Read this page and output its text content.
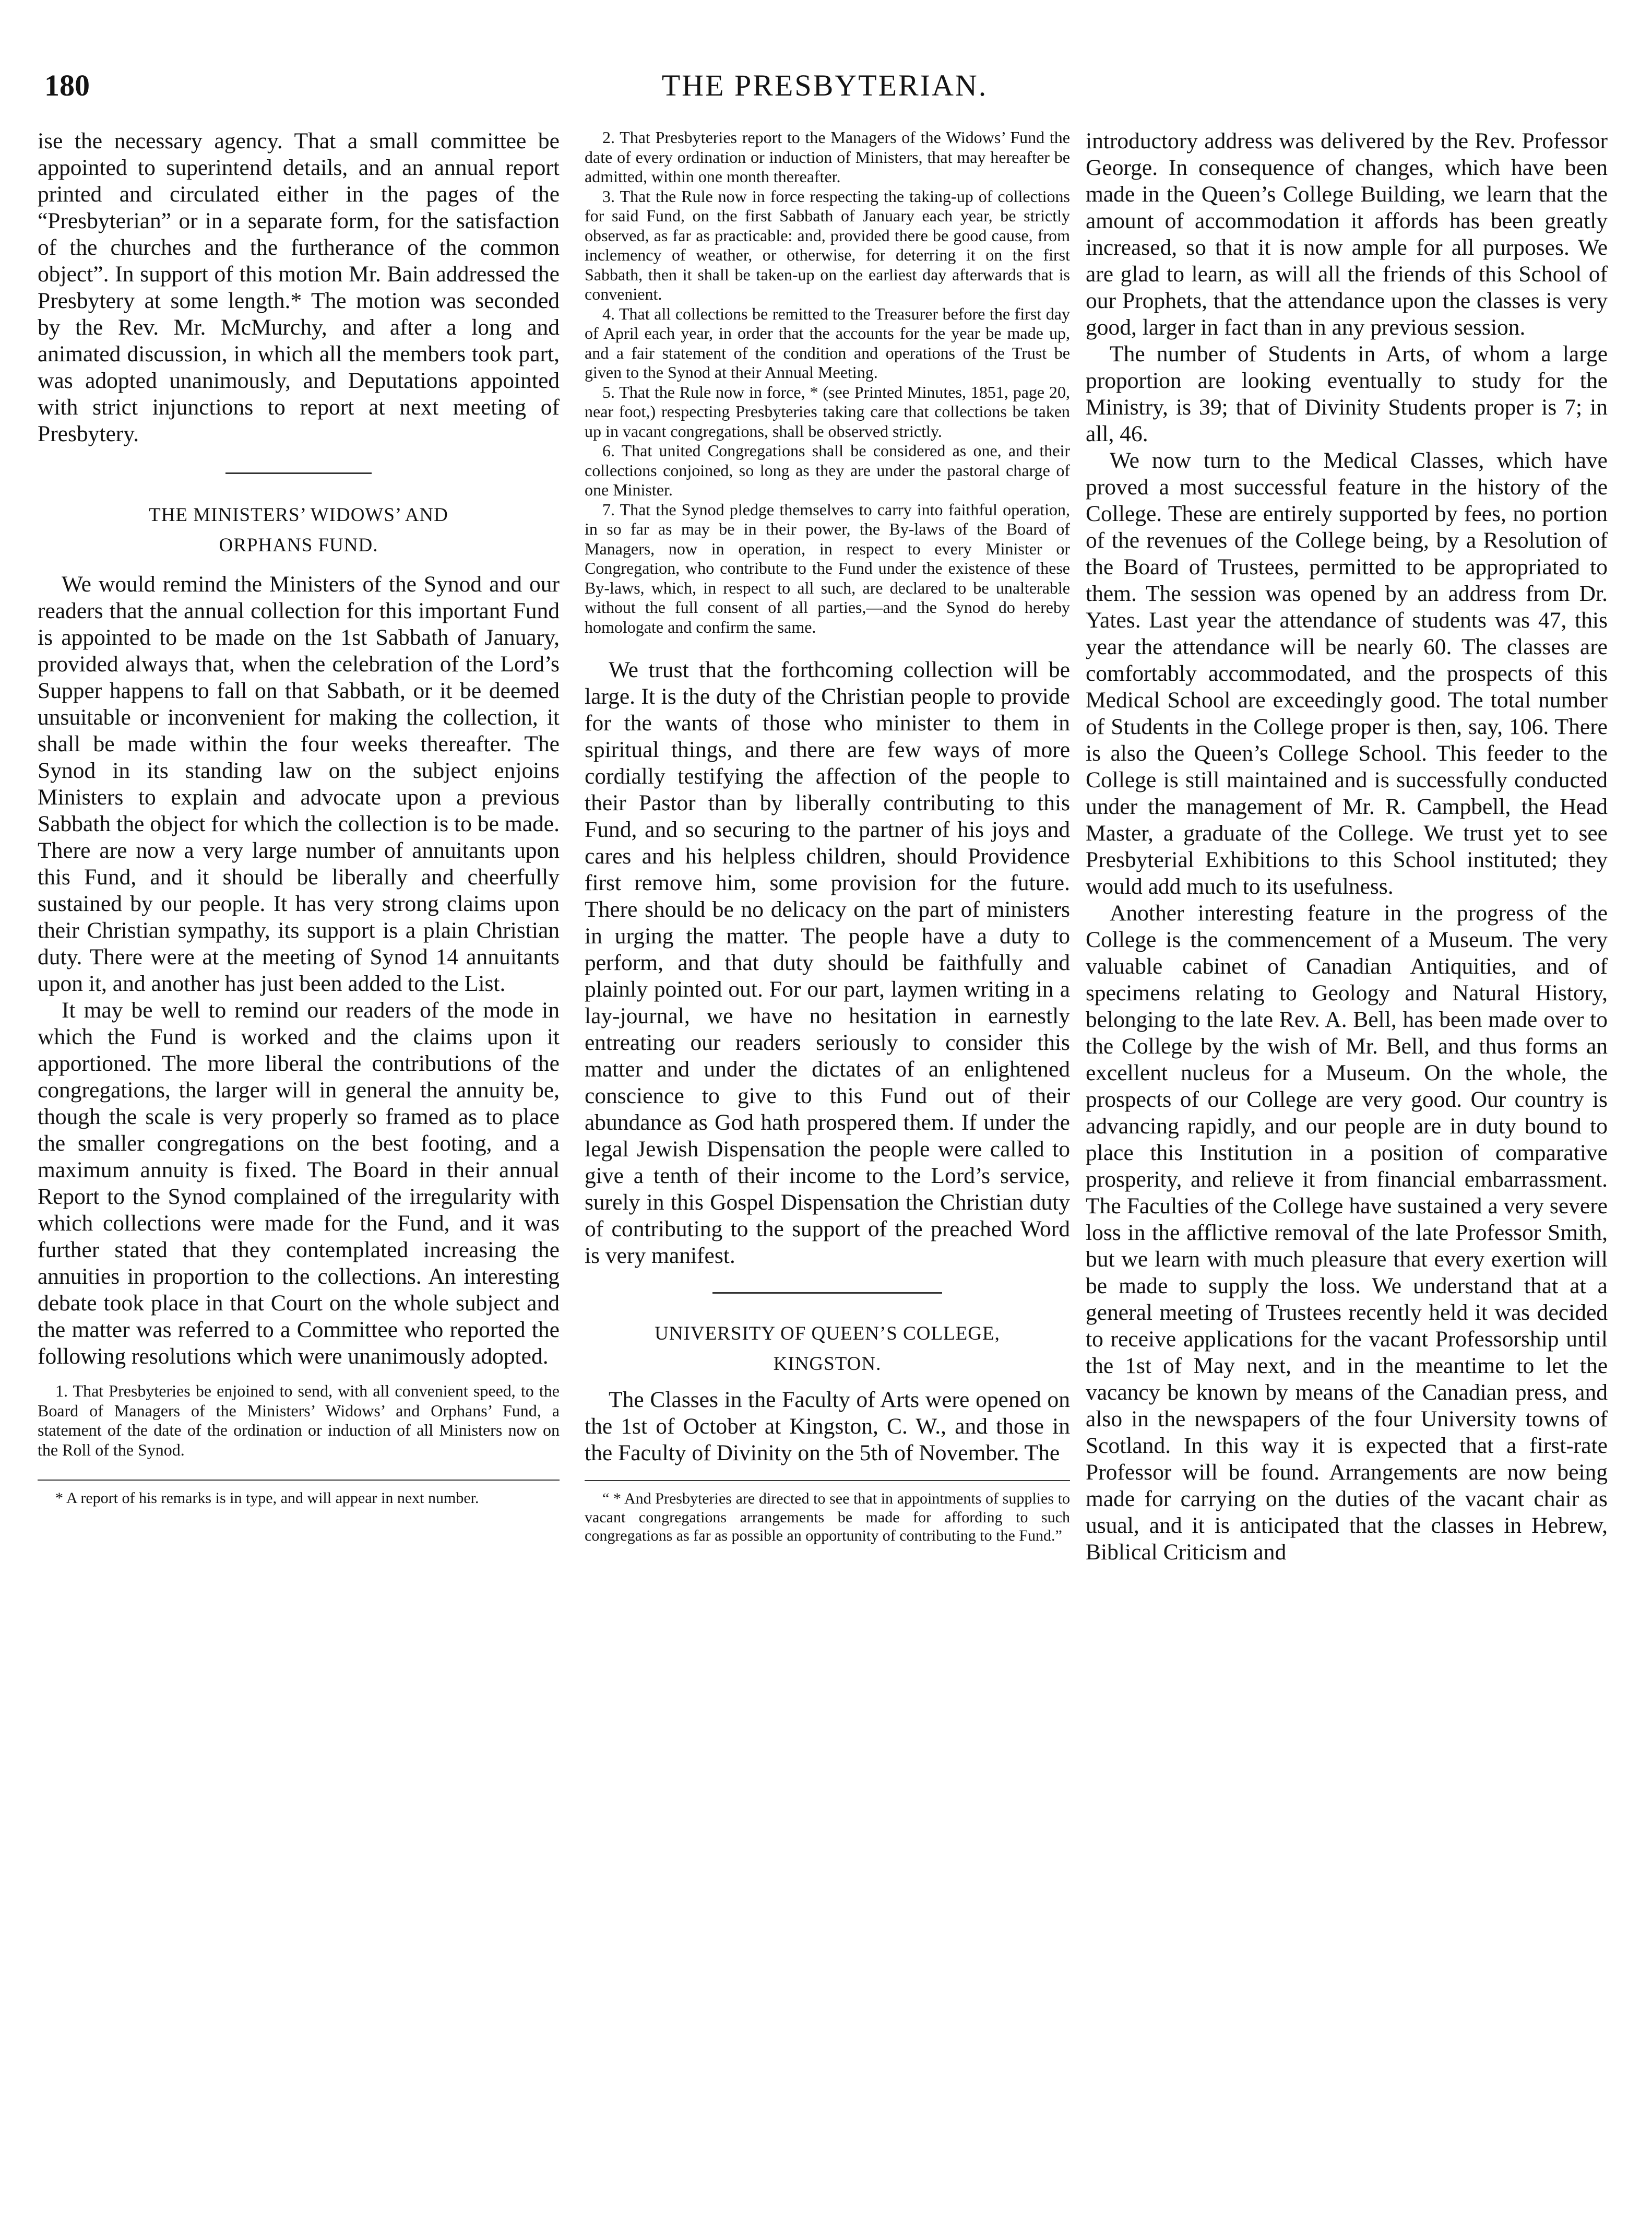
180	THE PRESBYTERIAN.

ise the necessary agency. That a small committee be appointed to superintend details, and an annual report printed and circulated either in the pages of the “Presbyterian” or in a separate form, for the satisfaction of the churches and the furtherance of the common object”. In support of this motion Mr. Bain addressed the Presbytery at some length.* The motion was seconded by the Rev. Mr. McMurchy, and after a long and animated discussion, in which all the members took part, was adopted unanimously, and Deputations appointed with strict injunctions to report at next meeting of Presbytery.

THE MINISTERS’ WIDOWS’ AND
ORPHANS FUND.

We would remind the Ministers of the Synod and our readers that the annual collection for this important Fund is appointed to be made on the 1st Sabbath of January, provided always that, when the celebration of the Lord’s Supper happens to fall on that Sabbath, or it be deemed unsuitable or inconvenient for making the collection, it shall be made within the four weeks thereafter. The Synod in its standing law on the subject enjoins Ministers to explain and advocate upon a previous Sabbath the object for which the collection is to be made. There are now a very large number of annuitants upon this Fund, and it should be liberally and cheerfully sustained by our people. It has very strong claims upon their Christian sympathy, its support is a plain Christian duty. There were at the meeting of Synod 14 annuitants upon it, and another has just been added to the List.

It may be well to remind our readers of the mode in which the Fund is worked and the claims upon it apportioned. The more liberal the contributions of the congregations, the larger will in general the annuity be, though the scale is very properly so framed as to place the smaller congregations on the best footing, and a maximum annuity is fixed. The Board in their annual Report to the Synod complained of the irregularity with which collections were made for the Fund, and it was further stated that they contemplated increasing the annuities in proportion to the collections. An interesting debate took place in that Court on the whole subject and the matter was referred to a Committee who reported the following resolutions which were unanimously adopted.

1. That Presbyteries be enjoined to send, with all convenient speed, to the Board of Managers of the Ministers’ Widows’ and Orphans’ Fund, a statement of the date of the ordination or induction of all Ministers now on the Roll of the Synod.

* A report of his remarks is in type, and will appear in next number.

2. That Presbyteries report to the Managers of the Widows’ Fund the date of every ordination or induction of Ministers, that may hereafter be admitted, within one month thereafter.

3. That the Rule now in force respecting the taking-up of collections for said Fund, on the first Sabbath of January each year, be strictly observed, as far as practicable: and, provided there be good cause, from inclemency of weather, or otherwise, for deterring it on the first Sabbath, then it shall be taken-up on the earliest day afterwards that is convenient.

4. That all collections be remitted to the Treasurer before the first day of April each year, in order that the accounts for the year be made up, and a fair statement of the condition and operations of the Trust be given to the Synod at their Annual Meeting.

5. That the Rule now in force, * (see Printed Minutes, 1851, page 20, near foot,) respecting Presbyteries taking care that collections be taken up in vacant congregations, shall be observed strictly.

6. That united Congregations shall be considered as one, and their collections conjoined, so long as they are under the pastoral charge of one Minister.

7. That the Synod pledge themselves to carry into faithful operation, in so far as may be in their power, the By-laws of the Board of Managers, now in operation, in respect to every Minister or Congregation, who contribute to the Fund under the existence of these By-laws, which, in respect to all such, are declared to be unalterable without the full consent of all parties,—and the Synod do hereby homologate and confirm the same.

We trust that the forthcoming collection will be large. It is the duty of the Christian people to provide for the wants of those who minister to them in spiritual things, and there are few ways of more cordially testifying the affection of the people to their Pastor than by liberally contributing to this Fund, and so securing to the partner of his joys and cares and his helpless children, should Providence first remove him, some provision for the future. There should be no delicacy on the part of ministers in urging the matter. The people have a duty to perform, and that duty should be faithfully and plainly pointed out. For our part, laymen writing in a lay-journal, we have no hesitation in earnestly entreating our readers seriously to consider this matter and under the dictates of an enlightened conscience to give to this Fund out of their abundance as God hath prospered them. If under the legal Jewish Dispensation the people were called to give a tenth of their income to the Lord’s service, surely in this Gospel Dispensation the Christian duty of contributing to the support of the preached Word is very manifest.

UNIVERSITY OF QUEEN’S COLLEGE,
KINGSTON.

The Classes in the Faculty of Arts were opened on the 1st of October at Kingston, C. W., and those in the Faculty of Divinity on the 5th of November. The

“ * And Presbyteries are directed to see that in appointments of supplies to vacant congregations arrangements be made for affording to such congregations as far as possible an opportunity of contributing to the Fund.”

introductory address was delivered by the Rev. Professor George. In consequence of changes, which have been made in the Queen’s College Building, we learn that the amount of accommodation it affords has been greatly increased, so that it is now ample for all purposes. We are glad to learn, as will all the friends of this School of our Prophets, that the attendance upon the classes is very good, larger in fact than in any previous session.

The number of Students in Arts, of whom a large proportion are looking eventually to study for the Ministry, is 39; that of Divinity Students proper is 7; in all, 46.

We now turn to the Medical Classes, which have proved a most successful feature in the history of the College. These are entirely supported by fees, no portion of the revenues of the College being, by a Resolution of the Board of Trustees, permitted to be appropriated to them. The session was opened by an address from Dr. Yates. Last year the attendance of students was 47, this year the attendance will be nearly 60. The classes are comfortably accommodated, and the prospects of this Medical School are exceedingly good. The total number of Students in the College proper is then, say, 106. There is also the Queen’s College School. This feeder to the College is still maintained and is successfully conducted under the management of Mr. R. Campbell, the Head Master, a graduate of the College. We trust yet to see Presbyterial Exhibitions to this School instituted; they would add much to its usefulness.

Another interesting feature in the progress of the College is the commencement of a Museum. The very valuable cabinet of Canadian Antiquities, and of specimens relating to Geology and Natural History, belonging to the late Rev. A. Bell, has been made over to the College by the wish of Mr. Bell, and thus forms an excellent nucleus for a Museum. On the whole, the prospects of our College are very good. Our country is advancing rapidly, and our people are in duty bound to place this Institution in a position of comparative prosperity, and relieve it from financial embarrassment. The Faculties of the College have sustained a very severe loss in the afflictive removal of the late Professor Smith, but we learn with much pleasure that every exertion will be made to supply the loss. We understand that at a general meeting of Trustees recently held it was decided to receive applications for the vacant Professorship until the 1st of May next, and in the meantime to let the vacancy be known by means of the Canadian press, and also in the newspapers of the four University towns of Scotland. In this way it is expected that a first-rate Professor will be found. Arrangements are now being made for carrying on the duties of the vacant chair as usual, and it is anticipated that the classes in Hebrew, Biblical Criticism and
